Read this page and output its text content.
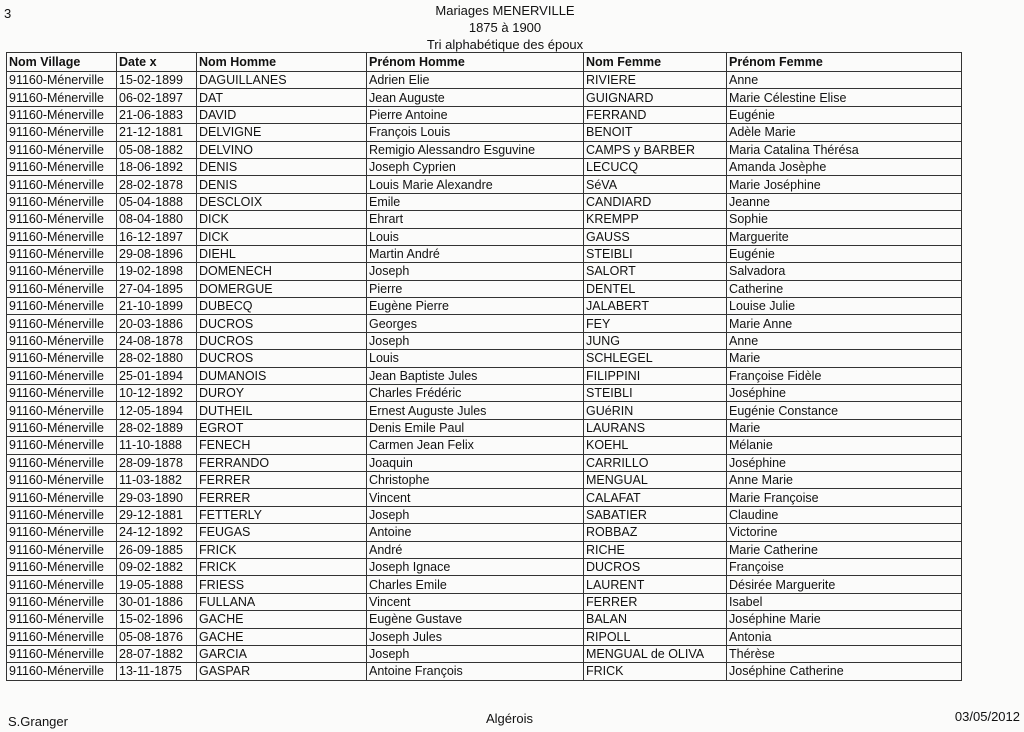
3	Mariages MENERVILLE
1875 à 1900
Tri alphabétique des époux
Nom Village	Date x	Nom Homme	Prénom Homme	Nom Femme	Prénom Femme
91160-Ménerville	15-02-1899	DAGUILLANES	Adrien Elie	RIVIERE	Anne
91160-Ménerville	06-02-1897	DAT	Jean Auguste	GUIGNARD	Marie Célestine Elise
91160-Ménerville	21-06-1883	DAVID	Pierre Antoine	FERRAND	Eugénie
91160-Ménerville	21-12-1881	DELVIGNE	François Louis	BENOIT	Adèle Marie
91160-Ménerville	05-08-1882	DELVINO	Remigio Alessandro Esguvine	CAMPS y BARBER	Maria Catalina Thérésa
91160-Ménerville	18-06-1892	DENIS	Joseph Cyprien	LECUCQ	Amanda Josèphe
91160-Ménerville	28-02-1878	DENIS	Louis Marie Alexandre	SéVA	Marie Joséphine
91160-Ménerville	05-04-1888	DESCLOIX	Emile	CANDIARD	Jeanne
91160-Ménerville	08-04-1880	DICK	Ehrart	KREMPP	Sophie
91160-Ménerville	16-12-1897	DICK	Louis	GAUSS	Marguerite
91160-Ménerville	29-08-1896	DIEHL	Martin André	STEIBLI	Eugénie
91160-Ménerville	19-02-1898	DOMENECH	Joseph	SALORT	Salvadora
91160-Ménerville	27-04-1895	DOMERGUE	Pierre	DENTEL	Catherine
91160-Ménerville	21-10-1899	DUBECQ	Eugène Pierre	JALABERT	Louise Julie
91160-Ménerville	20-03-1886	DUCROS	Georges	FEY	Marie Anne
91160-Ménerville	24-08-1878	DUCROS	Joseph	JUNG	Anne
91160-Ménerville	28-02-1880	DUCROS	Louis	SCHLEGEL	Marie
91160-Ménerville	25-01-1894	DUMANOIS	Jean Baptiste Jules	FILIPPINI	Françoise Fidèle
91160-Ménerville	10-12-1892	DUROY	Charles Frédéric	STEIBLI	Joséphine
91160-Ménerville	12-05-1894	DUTHEIL	Ernest Auguste Jules	GUéRIN	Eugénie Constance
91160-Ménerville	28-02-1889	EGROT	Denis Emile Paul	LAURANS	Marie
91160-Ménerville	11-10-1888	FENECH	Carmen Jean Felix	KOEHL	Mélanie
91160-Ménerville	28-09-1878	FERRANDO	Joaquin	CARRILLO	Joséphine
91160-Ménerville	11-03-1882	FERRER	Christophe	MENGUAL	Anne Marie
91160-Ménerville	29-03-1890	FERRER	Vincent	CALAFAT	Marie Françoise
91160-Ménerville	29-12-1881	FETTERLY	Joseph	SABATIER	Claudine
91160-Ménerville	24-12-1892	FEUGAS	Antoine	ROBBAZ	Victorine
91160-Ménerville	26-09-1885	FRICK	André	RICHE	Marie Catherine
91160-Ménerville	09-02-1882	FRICK	Joseph Ignace	DUCROS	Françoise
91160-Ménerville	19-05-1888	FRIESS	Charles Emile	LAURENT	Désirée Marguerite
91160-Ménerville	30-01-1886	FULLANA	Vincent	FERRER	Isabel
91160-Ménerville	15-02-1896	GACHE	Eugène Gustave	BALAN	Joséphine Marie
91160-Ménerville	05-08-1876	GACHE	Joseph Jules	RIPOLL	Antonia
91160-Ménerville	28-07-1882	GARCIA	Joseph	MENGUAL de OLIVA	Thérèse
91160-Ménerville	13-11-1875	GASPAR	Antoine François	FRICK	Joséphine Catherine
S.Granger	Algérois	03/05/2012
